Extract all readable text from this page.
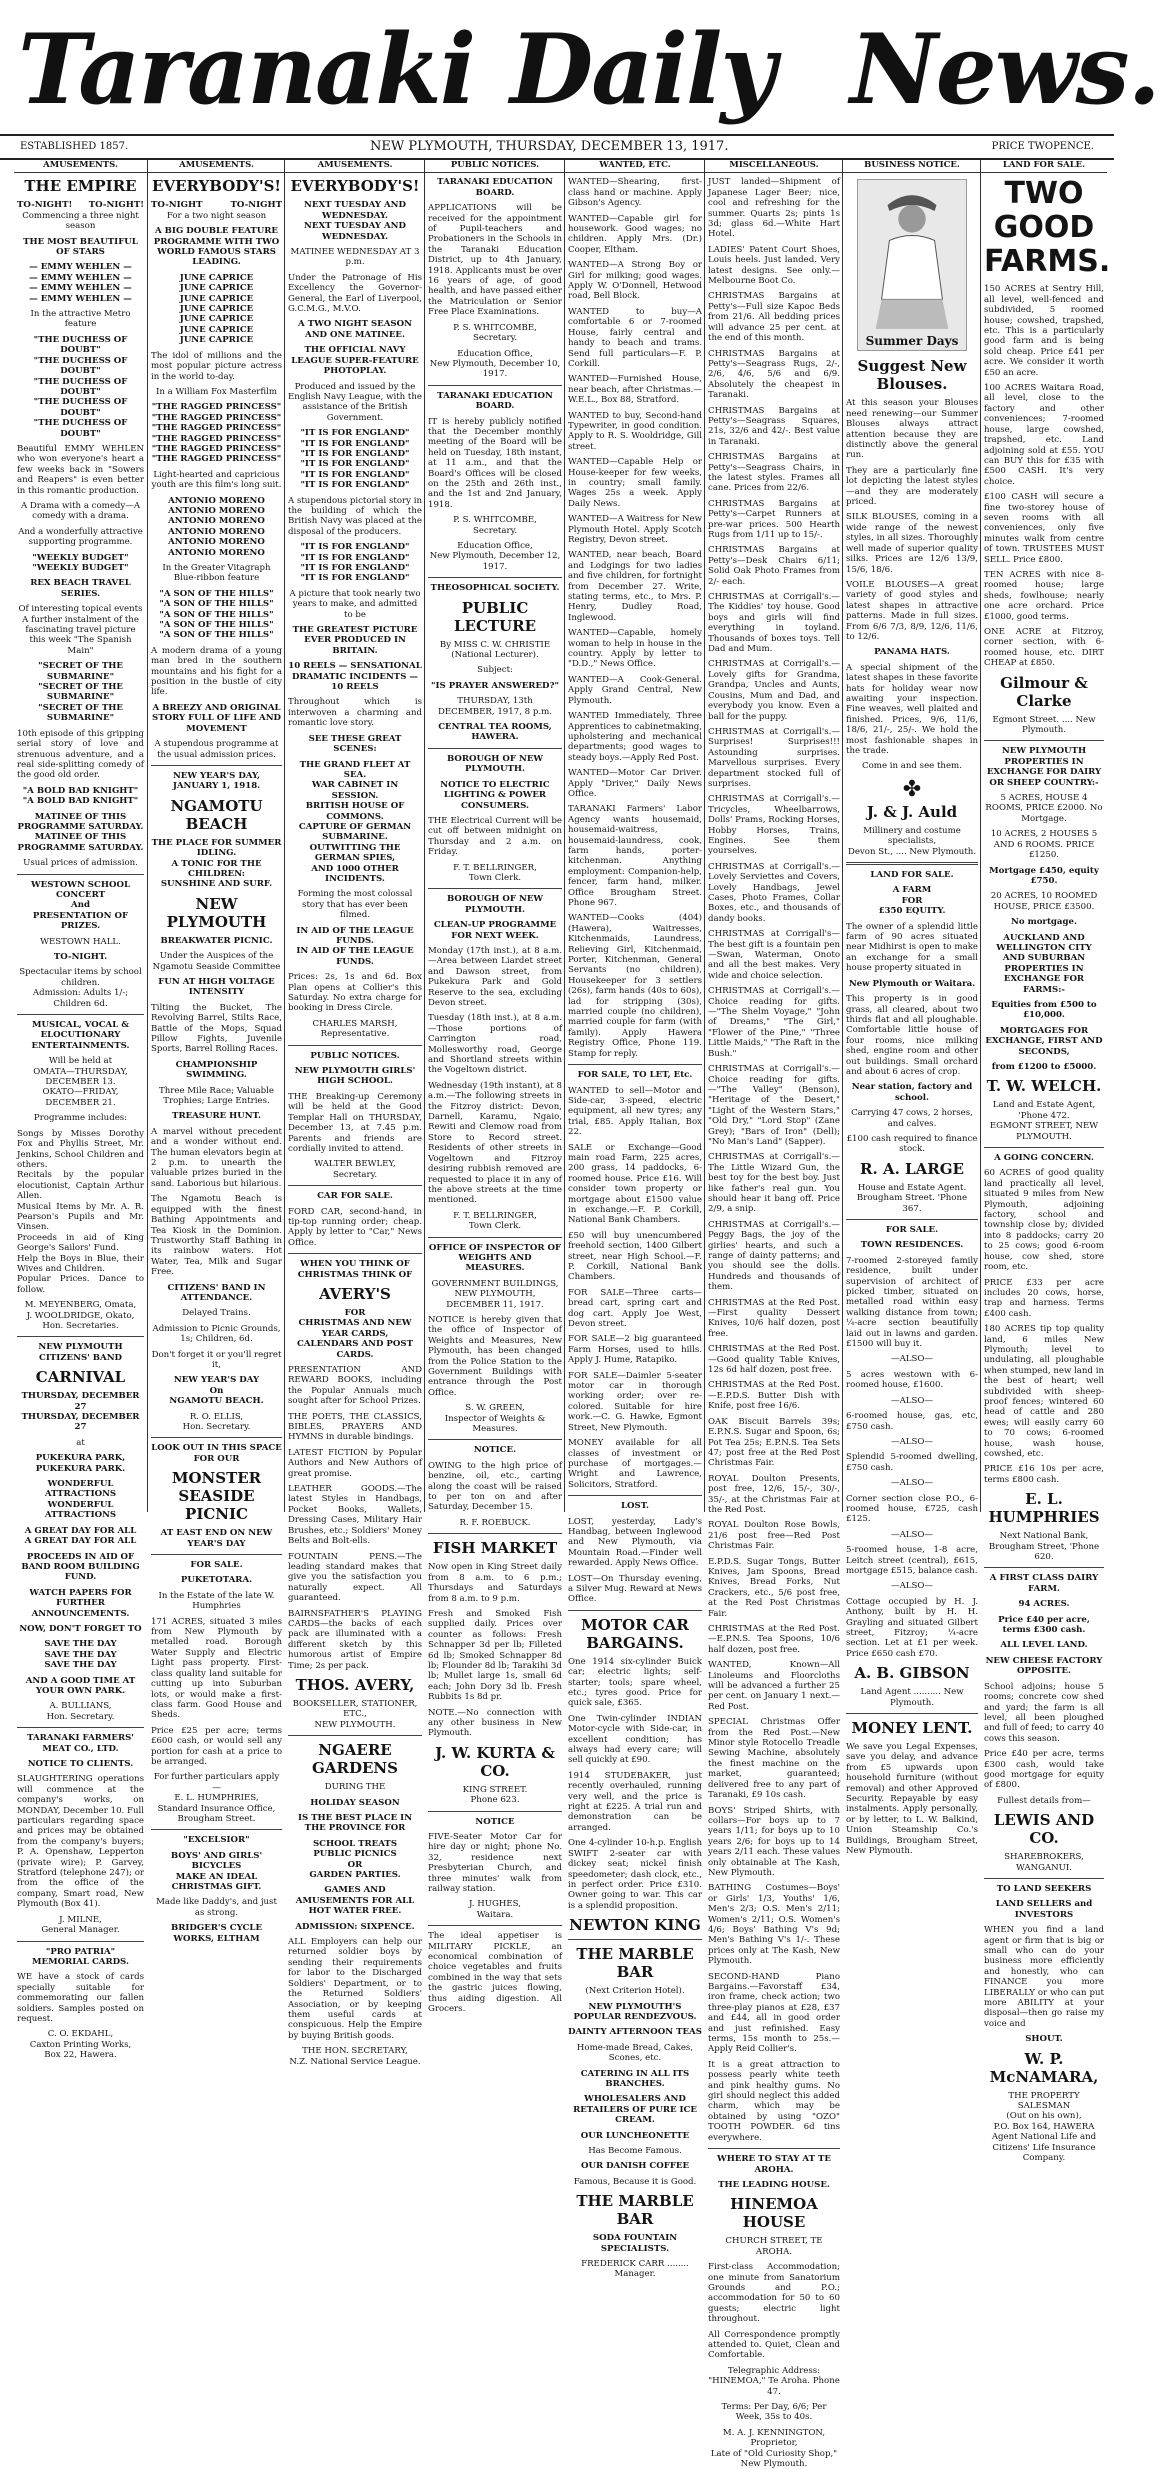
Taranaki Daily News.
ESTABLISHED 1857.	NEW PLYMOUTH, THURSDAY, DECEMBER 13, 1917.	PRICE TWOPENCE.
AMUSEMENTS.
THE EMPIRE
TO-NIGHT! TO-NIGHT!
Commencing a three night season
THE MOST BEAUTIFUL OF STARS
— EMMY WEHLEN —
— EMMY WEHLEN —
— EMMY WEHLEN —
— EMMY WEHLEN —
In the attractive Metro feature
"THE DUCHESS OF DOUBT"
"THE DUCHESS OF DOUBT"
"THE DUCHESS OF DOUBT"
"THE DUCHESS OF DOUBT"
"THE DUCHESS OF DOUBT"
Beautiful EMMY WEHLEN who won everyone's heart a few weeks back in "Sowers and Reapers" is even better in this romantic production.
A Drama with a comedy—A comedy with a drama.
And a wonderfully attractive supporting programme.
"WEEKLY BUDGET"
"WEEKLY BUDGET"
REX BEACH TRAVEL SERIES.
Of interesting topical events
A further instalment of the fascinating travel picture this week "The Spanish Main"
"SECRET OF THE SUBMARINE"
"SECRET OF THE SUBMARINE"
"SECRET OF THE SUBMARINE"
10th episode of this gripping serial story of love and strenuous adventure, and a real side-splitting comedy of the good old order.
"A BOLD BAD KNIGHT"
"A BOLD BAD KNIGHT"
MATINEE OF THIS PROGRAMME SATURDAY.
MATINEE OF THIS PROGRAMME SATURDAY.
Usual prices of admission.
WESTOWN SCHOOL CONCERT
And
PRESENTATION OF PRIZES.
WESTOWN HALL.
TO-NIGHT.
Spectacular items by school children.
Admission: Adults 1/-; Children 6d.
MUSICAL, VOCAL & ELOCUTIONARY ENTERTAINMENTS.
Will be held at
OMATA—THURSDAY, DECEMBER 13.
OKATO—FRIDAY, DECEMBER 21.
Programme includes:
Songs by Misses Dorothy Fox and Phyllis Street, Mr. Jenkins, School Children and others.
Recitals by the popular elocutionist, Captain Arthur Allen.
Musical Items by Mr. A. R. Pearson's Pupils and Mr. Vinsen.
Proceeds in aid of King George's Sailors' Fund.
Help the Boys in Blue, their Wives and Children.
Popular Prices. Dance to follow.
M. MEYENBERG, Omata,
J. WOOLDRIDGE, Okato,
Hon. Secretaries.
NEW PLYMOUTH CITIZENS' BAND
CARNIVAL
THURSDAY, DECEMBER 27
THURSDAY, DECEMBER 27
at
PUKEKURA PARK,
PUKEKURA PARK.
WONDERFUL ATTRACTIONS
WONDERFUL ATTRACTIONS
A GREAT DAY FOR ALL
A GREAT DAY FOR ALL
PROCEEDS IN AID OF BAND ROOM BUILDING FUND.
WATCH PAPERS FOR FURTHER ANNOUNCEMENTS.
NOW, DON'T FORGET TO
SAVE THE DAY
SAVE THE DAY
SAVE THE DAY
AND A GOOD TIME AT YOUR OWN PARK.
A. BULLIANS,
Hon. Secretary.
TARANAKI FARMERS' MEAT CO., LTD.
NOTICE TO CLIENTS.
SLAUGHTERING operations will commence at the company's works, on MONDAY, December 10. Full particulars regarding space and prices may be obtained from the company's buyers; P. A. Openshaw, Lepperton (private wire); P. Garvey, Stratford (telephone 247); or from the office of the company, Smart road, New Plymouth (Box 41).
J. MILNE,
General Manager.
"PRO PATRIA" MEMORIAL CARDS.
WE have a stock of cards specially suitable for commemorating our fallen soldiers. Samples posted on request.
C. O. EKDAHL,
Caxton Printing Works,
Box 22, Hawera.
AMUSEMENTS.
EVERYBODY'S!
TO-NIGHT	TO-NIGHT
For a two night season
A BIG DOUBLE FEATURE PROGRAMME WITH TWO WORLD FAMOUS STARS LEADING.
JUNE CAPRICE
JUNE CAPRICE
JUNE CAPRICE
JUNE CAPRICE
JUNE CAPRICE
JUNE CAPRICE
JUNE CAPRICE
The idol of millions and the most popular picture actress in the world to-day.
In a William Fox Masterfilm
"THE RAGGED PRINCESS"
"THE RAGGED PRINCESS"
"THE RAGGED PRINCESS"
"THE RAGGED PRINCESS"
"THE RAGGED PRINCESS"
"THE RAGGED PRINCESS"
Light-hearted and capricious youth are this film's long suit.
ANTONIO MORENO
ANTONIO MORENO
ANTONIO MORENO
ANTONIO MORENO
ANTONIO MORENO
ANTONIO MORENO
In the Greater Vitagraph Blue-ribbon feature
"A SON OF THE HILLS"
"A SON OF THE HILLS"
"A SON OF THE HILLS"
"A SON OF THE HILLS"
"A SON OF THE HILLS"
A modern drama of a young man bred in the southern mountains and his fight for a position in the bustle of city life.
A BREEZY AND ORIGINAL STORY FULL OF LIFE AND MOVEMENT
A stupendous programme at the usual admission prices.
NEW YEAR'S DAY, JANUARY 1, 1918.
NGAMOTU BEACH
THE PLACE FOR SUMMER IDLING.
A TONIC FOR THE CHILDREN:
SUNSHINE AND SURF.
NEW PLYMOUTH
BREAKWATER PICNIC.
Under the Auspices of the Ngamotu Seaside Committee
FUN AT HIGH VOLTAGE INTENSITY
Tilting the Bucket, The Revolving Barrel, Stilts Race, Battle of the Mops, Squad Pillow Fights, Juvenile Sports, Barrel Rolling Races.
CHAMPIONSHIP SWIMMING.
Three Mile Race; Valuable Trophies; Large Entries.
TREASURE HUNT.
A marvel without precedent and a wonder without end. The human elevators begin at 2 p.m. to unearth the valuable prizes buried in the sand. Laborious but hilarious.
The Ngamotu Beach is equipped with the finest Bathing Appointments and Tea Kiosk in the Dominion. Trustworthy Staff Bathing in its rainbow waters. Hot Water, Tea, Milk and Sugar Free.
CITIZENS' BAND IN ATTENDANCE.
Delayed Trains.
Admission to Picnic Grounds, 1s; Children, 6d.
Don't forget it or you'll regret it,
NEW YEAR'S DAY
On
NGAMOTU BEACH.
R. O. ELLIS,
Hon. Secretary.
LOOK OUT IN THIS SPACE FOR OUR
MONSTER SEASIDE PICNIC
AT EAST END ON NEW YEAR'S DAY
FOR SALE.
PUKETOTARA.
In the Estate of the late W. Humphries
171 ACRES, situated 3 miles from New Plymouth by metalled road. Borough Water Supply and Electric Light pass property. First-class quality land suitable for cutting up into Suburban lots, or would make a first-class farm. Good House and Sheds.
Price £25 per acre; terms £600 cash, or would sell any portion for cash at a price to be arranged.
For further particulars apply—
E. L. HUMPHRIES,
Standard Insurance Office,
Brougham Street.
"EXCELSIOR"
BOYS' AND GIRLS' BICYCLES
MAKE AN IDEAL CHRISTMAS GIFT.
Made like Daddy's, and just as strong.
BRIDGER'S CYCLE WORKS, ELTHAM
AMUSEMENTS.
EVERYBODY'S!
NEXT TUESDAY AND WEDNESDAY.
NEXT TUESDAY AND WEDNESDAY.
MATINEE WEDNESDAY AT 3 p.m.
Under the Patronage of His Excellency the Governor-General, the Earl of Liverpool, G.C.M.G., M.V.O.
A TWO NIGHT SEASON AND ONE MATINEE.
THE OFFICIAL NAVY LEAGUE SUPER-FEATURE PHOTOPLAY.
Produced and issued by the English Navy League, with the assistance of the British Government.
"IT IS FOR ENGLAND"
"IT IS FOR ENGLAND"
"IT IS FOR ENGLAND"
"IT IS FOR ENGLAND"
"IT IS FOR ENGLAND"
"IT IS FOR ENGLAND"
A stupendous pictorial story in the building of which the British Navy was placed at the disposal of the producers.
"IT IS FOR ENGLAND"
"IT IS FOR ENGLAND"
"IT IS FOR ENGLAND"
"IT IS FOR ENGLAND"
A picture that took nearly two years to make, and admitted to be
THE GREATEST PICTURE EVER PRODUCED IN BRITAIN.
10 REELS — SENSATIONAL DRAMATIC INCIDENTS — 10 REELS
Throughout which is interwoven a charming and romantic love story.
SEE THESE GREAT SCENES:
THE GRAND FLEET AT SEA.
WAR CABINET IN SESSION.
BRITISH HOUSE OF COMMONS.
CAPTURE OF GERMAN SUBMARINE.
OUTWITTING THE GERMAN SPIES,
AND 1000 OTHER INCIDENTS.
Forming the most colossal story that has ever been filmed.
IN AID OF THE LEAGUE FUNDS.
IN AID OF THE LEAGUE FUNDS.
Prices: 2s, 1s and 6d. Box Plan opens at Collier's this Saturday. No extra charge for booking in Dress Circle.
CHARLES MARSH, Representative.
PUBLIC NOTICES.
NEW PLYMOUTH GIRLS' HIGH SCHOOL.
THE Breaking-up Ceremony will be held at the Good Templar Hall on THURSDAY, December 13, at 7.45 p.m. Parents and friends are cordially invited to attend.
WALTER BEWLEY,
Secretary.
CAR FOR SALE.
FORD CAR, second-hand, in tip-top running order; cheap. Apply by letter to "Car," News Office.
WHEN YOU THINK OF CHRISTMAS THINK OF
AVERY'S
FOR
CHRISTMAS AND NEW YEAR CARDS,
CALENDARS AND POST CARDS.
PRESENTATION AND REWARD BOOKS, including the Popular Annuals much sought after for School Prizes.
THE POETS, THE CLASSICS, BIBLES, PRAYERS AND HYMNS in durable bindings.
LATEST FICTION by Popular Authors and New Authors of great promise.
LEATHER GOODS.—The latest Styles in Handbags, Pocket Books, Wallets, Dressing Cases, Military Hair Brushes, etc.; Soldiers' Money Belts and Bolt-ells.
FOUNTAIN PENS.—The leading standard makes that give you the satisfaction you naturally expect. All guaranteed.
BAIRNSFATHER'S PLAYING CARDS—the backs of each pack are illuminated with a different sketch by this humorous artist of Empire Time; 2s per pack.
THOS. AVERY,
BOOKSELLER, STATIONER, ETC.,
NEW PLYMOUTH.
NGAERE GARDENS
DURING THE
HOLIDAY SEASON
IS THE BEST PLACE IN THE PROVINCE FOR
SCHOOL TREATS
PUBLIC PICNICS
OR
GARDEN PARTIES.
GAMES AND AMUSEMENTS FOR ALL HOT WATER FREE.
ADMISSION: SIXPENCE.
ALL Employers can help our returned soldier boys by sending their requirements for labor to the Discharged Soldiers' Department, or to the Returned Soldiers' Association, or by keeping them useful cards at conspicuous. Help the Empire by buying British goods.
THE HON. SECRETARY,
N.Z. National Service League.
PUBLIC NOTICES.
TARANAKI EDUCATION BOARD.
APPLICATIONS will be received for the appointment of Pupil-teachers and Probationers in the Schools in the Taranaki Education District, up to 4th January, 1918. Applicants must be over 16 years of age, of good health, and have passed either the Matriculation or Senior Free Place Examinations.
P. S. WHITCOMBE,
Secretary.
Education Office,
New Plymouth, December 10, 1917.
TARANAKI EDUCATION BOARD.
IT is hereby publicly notified that the December monthly meeting of the Board will be held on Tuesday, 18th instant, at 11 a.m., and that the Board's Offices will be closed on the 25th and 26th inst., and the 1st and 2nd January, 1918.
P. S. WHITCOMBE,
Secretary.
Education Office,
New Plymouth, December 12, 1917.
THEOSOPHICAL SOCIETY.
PUBLIC LECTURE
By MISS C. W. CHRISTIE (National Lecturer).
Subject:
"IS PRAYER ANSWERED?"
THURSDAY, 13th DECEMBER, 1917, 8 p.m.
CENTRAL TEA ROOMS, HAWERA.
BOROUGH OF NEW PLYMOUTH.
NOTICE TO ELECTRIC LIGHTING & POWER CONSUMERS.
THE Electrical Current will be cut off between midnight on Thursday and 2 a.m. on Friday.
F. T. BELLRINGER,
Town Clerk.
BOROUGH OF NEW PLYMOUTH.
CLEAN-UP PROGRAMME FOR NEXT WEEK.
Monday (17th inst.), at 8 a.m.—Area between Liardet street and Dawson street, from Pukekura Park and Gold Reserve to the sea, excluding Devon street.
Tuesday (18th inst.), at 8 a.m.—Those portions of Carrington road, Mollesworthy road, George and Shortland streets within the Vogeltown district.
Wednesday (19th instant), at 8 a.m.—The following streets in the Fitzroy district: Devon, Darnell, Karamu, Ngaio, Rewiti and Clemow road from Store to Record street. Residents of other streets in Vogeltown and Fitzroy desiring rubbish removed are requested to place it in any of the above streets at the time mentioned.
F. T. BELLRINGER,
Town Clerk.
OFFICE OF INSPECTOR OF WEIGHTS AND MEASURES.
GOVERNMENT BUILDINGS, NEW PLYMOUTH,
DECEMBER 11, 1917.
NOTICE is hereby given that the office of Inspector of Weights and Measures, New Plymouth, has been changed from the Police Station to the Government Buildings with entrance through the Post Office.
S. W. GREEN,
Inspector of Weights & Measures.
NOTICE.
OWING to the high price of benzine, oil, etc., carting along the coast will be raised to per ton on and after Saturday, December 15.
R. F. ROEBUCK.
FISH MARKET
Now open in King Street daily from 8 a.m. to 6 p.m.; Thursdays and Saturdays from 8 a.m. to 9 p.m.
Fresh and Smoked Fish supplied daily. Prices over counter as follows: Fresh Schnapper 3d per lb; Filleted 6d lb; Smoked Schnapper 8d lb; Flounder 8d lb; Tarakihi 3d lb; Mullet large 1s, small 6d each; John Dory 3d lb. Fresh Rubbits 1s 8d pr.
NOTE.—No connection with any other business in New Plymouth.
J. W. KURTA & CO.
KING STREET.
Phone 623.
NOTICE
FIVE-Seater Motor Car for hire day or night; phone No. 32, residence next Presbyterian Church, and three minutes' walk from railway station.
J. HUGHES,
Waitara.
The ideal appetiser is MILITARY PICKLE, an economical combination of choice vegetables and fruits combined in the way that sets the gastric juices flowing, thus aiding digestion. All Grocers.
WANTED, ETC.
WANTED—Shearing, first-class hand or machine. Apply Gibson's Agency.
WANTED—Capable girl for housework. Good wages; no children. Apply Mrs. (Dr.) Cooper, Eltham.
WANTED—A Strong Boy or Girl for milking; good wages. Apply W. O'Donnell, Hetwood road, Bell Block.
WANTED to buy—A comfortable 6 or 7-roomed House, fairly central and handy to beach and trams. Send full particulars—F. P. Corkill.
WANTED—Furnished House, near beach, after Christmas.—W.E.L., Box 88, Stratford.
WANTED to buy, Second-hand Typewriter, in good condition. Apply to R. S. Wooldridge, Gill street.
WANTED—Capable Help or House-keeper for few weeks, in country; small family. Wages 25s a week. Apply Daily News.
WANTED—A Waitress for New Plymouth Hotel. Apply Scotch Registry, Devon street.
WANTED, near beach, Board and Lodgings for two ladies and five children, for fortnight from December 27. Write, stating terms, etc., to Mrs. P. Henry, Dudley Road, Inglewood.
WANTED—Capable, homely woman to help in house in the country. Apply by letter to "D.D.," News Office.
WANTED—A Cook-General. Apply Grand Central, New Plymouth.
WANTED Immediately, Three Apprentices to cabinetmaking, upholstering and mechanical departments; good wages to steady boys.—Apply Red Post.
WANTED—Motor Car Driver. Apply "Driver," Daily News Office.
TARANAKI Farmers' Labor Agency wants housemaid, housemaid-waitress, housemaid-laundress, cook, farm hands, porter-kitchenman. Anything employment: Companion-help, fencer, farm hand, milker. Office Brougham Street. Phone 967.
WANTED—Cooks (404) (Hawera), Waitresses, Kitchenmaids, Laundress, Relieving Girl, Kitchenmaid, Porter, Kitchenman, General Servants (no children), Housekeeper for 3 settlers (26s), farm hands (40s to 60s), lad for stripping (30s), married couple (no children), married couple for farm (with family). Apply Hawera Registry Office, Phone 119. Stamp for reply.
FOR SALE, TO LET, Etc.
WANTED to sell—Motor and Side-car, 3-speed, electric equipment, all new tyres; any trial, £85. Apply Italian, Box 22.
SALE or Exchange—Good main road Farm, 225 acres, 200 grass, 14 paddocks, 6-roomed house. Price £16. Will consider town property or mortgage about £1500 value in exchange.—F. P. Corkill, National Bank Chambers.
£50 will buy unencumbered freehold section, 1400 Gilbert street, near High School.—F. P. Corkill, National Bank Chambers.
FOR SALE—Three carts—bread cart, spring cart and dog cart. Apply Joe West, Devon street.
FOR SALE—2 big guaranteed Farm Horses, used to hills. Apply J. Hume, Ratapiko.
FOR SALE—Daimler 5-seater motor car in thorough working order; over re-colored. Suitable for hire work.—C. G. Hawke, Egmont Street, New Plymouth.
MONEY available for all classes of investment or purchase of mortgages.—Wright and Lawrence, Solicitors, Stratford.
LOST.
LOST, yesterday, Lady's Handbag, between Inglewood and New Plymouth, via Mountain Road.—Finder well rewarded. Apply News Office.
LOST—On Thursday evening, a Silver Mug. Reward at News Office.
MOTOR CAR BARGAINS.
One 1914 six-cylinder Buick car; electric lights; self-starter; tools; spare wheel, etc.; tyres good. Price for quick sale, £365.
One Twin-cylinder INDIAN Motor-cycle with Side-car, in excellent condition; has always had every care; will sell quickly at £90.
1914 STUDEBAKER, just recently overhauled, running very well, and the price is right at £225. A trial run and demonstration can be arranged.
One 4-cylinder 10-h.p. English SWIFT 2-seater car with dickey seat; nickel finish speedometer; dash clock, etc., in perfect order. Price £310. Owner going to war. This car is a splendid proposition.
NEWTON KING
THE MARBLE BAR
(Next Criterion Hotel).
NEW PLYMOUTH'S POPULAR RENDEZVOUS.
DAINTY AFTERNOON TEAS
Home-made Bread, Cakes, Scones, etc.
CATERING IN ALL ITS BRANCHES.
WHOLESALERS AND RETAILERS OF PURE ICE CREAM.
OUR LUNCHEONETTE
Has Become Famous.
OUR DANISH COFFEE
Famous, Because it is Good.
THE MARBLE BAR
SODA FOUNTAIN SPECIALISTS.
FREDERICK CARR ........ Manager.
MISCELLANEOUS.
JUST landed—Shipment of Japanese Lager Beer; nice, cool and refreshing for the summer. Quarts 2s; pints 1s 3d; glass 6d.—White Hart Hotel.
LADIES' Patent Court Shoes, Louis heels. Just landed. Very latest designs. See only.—Melbourne Boot Co.
CHRISTMAS Bargains at Petty's—Full size Kapoc Beds from 21/6. All bedding prices will advance 25 per cent. at the end of this month.
CHRISTMAS Bargains at Petty's—Seagrass Rugs, 2/-, 2/6, 4/6, 5/6 and 6/9. Absolutely the cheapest in Taranaki.
CHRISTMAS Bargains at Petty's—Seagrass Squares, 21s, 32/6 and 42/-. Best value in Taranaki.
CHRISTMAS Bargains at Petty's—Seagrass Chairs, in the latest styles. Frames all cane. Prices from 22/6.
CHRISTMAS Bargains at Petty's—Carpet Runners at pre-war prices. 500 Hearth Rugs from 1/11 up to 15/-.
CHRISTMAS Bargains at Petty's—Desk Chairs 6/11; Solid Oak Photo Frames from 2/- each.
CHRISTMAS at Corrigall's.—The Kiddies' toy house. Good boys and girls will find everything in toyland. Thousands of boxes toys. Tell Dad and Mum.
CHRISTMAS at Corrigall's.—Lovely gifts for Grandma, Grandpa, Uncles and Aunts, Cousins, Mum and Dad, and everybody you know. Even a ball for the puppy.
CHRISTMAS at Corrigall's.—Surprises! Surprises!!! Astounding surprises. Marvellous surprises. Every department stocked full of surprises.
CHRISTMAS at Corrigall's.—Tricycles, Wheelbarrows, Dolls' Prams, Rocking Horses, Hobby Horses, Trains, Engines. See them yourselves.
CHRISTMAS at Corrigall's.—Lovely Serviettes and Covers, Lovely Handbags, Jewel Cases, Photo Frames, Collar Boxes, etc., and thousands of dandy books.
CHRISTMAS at Corrigall's—The best gift is a fountain pen—Swan, Waterman, Onoto and all the best makes. Very wide and choice selection.
CHRISTMAS at Corrigall's.—Choice reading for gifts.—"The Shelm Voyage," "John of Dreams," "The Girl," "Flower of the Pine," "Three Little Maids," "The Raft in the Bush."
CHRISTMAS at Corrigall's.—Choice reading for gifts.—"The Valley" (Benson), "Heritage of the Desert," "Light of the Western Stars," "Old Dry," "Lord Stop" (Zane Grey); "Bars of Iron" (Dell); "No Man's Land" (Sapper).
CHRISTMAS at Corrigall's.—The Little Wizard Gun, the best toy for the best boy. Just like father's real gun. You should hear it bang off. Price 2/9, a snip.
CHRISTMAS at Corrigall's.—Peggy Bags, the joy of the girlies' hearts, and such a range of dainty patterns; and you should see the dolls. Hundreds and thousands of them.
CHRISTMAS at the Red Post.—First quality Dessert Knives, 10/6 half dozen, post free.
CHRISTMAS at the Red Post.—Good quality Table Knives, 12s 6d half dozen, post free.
CHRISTMAS at the Red Post.—E.P.D.S. Butter Dish with Knife, post free 16/6.
OAK Biscuit Barrels 39s; E.P.N.S. Sugar and Spoon, 6s; Pot Tea 25s; E.P.N.S. Tea Sets 47; post free at the Red Post Christmas Fair.
ROYAL Doulton Presents, post free, 12/6, 15/-, 30/-, 35/-, at the Christmas Fair at the Red Post.
ROYAL Doulton Rose Bowls, 21/6 post free—Red Post Christmas Fair.
E.P.D.S. Sugar Tongs, Butter Knives, Jam Spoons, Bread Knives, Bread Forks, Nut Crackers, etc., 5/6 post free, at the Red Post Christmas Fair.
CHRISTMAS at the Red Post.—E.P.N.S. Tea Spoons, 10/6 half dozen, post free.
WANTED, Known—All Linoleums and Floorcloths will be advanced a further 25 per cent. on January 1 next.—Red Post.
SPECIAL Christmas Offer from the Red Post.—New Minor style Rotocello Treadle Sewing Machine, absolutely the finest machine on the market, guaranteed; delivered free to any part of Taranaki, £9 10s cash.
BOYS' Striped Shirts, with collars—For boys up to 7 years 1/11; for boys up to 10 years 2/6; for boys up to 14 years 2/11 each. These values only obtainable at The Kash, New Plymouth.
BATHING Costumes—Boys' or Girls' 1/3, Youths' 1/6, Men's 2/3; O.S. Men's 2/11; Women's 2/11; O.S. Women's 4/6; Boys' Bathing V's 9d; Men's Bathing V's 1/-. These prices only at The Kash, New Plymouth.
SECOND-HAND Piano Bargains.—Favorstaff £34, iron frame, check action; two three-play pianos at £28, £37 and £44, all in good order and just refinished. Easy terms, 15s month to 25s.—Apply Reid Collier's.
It is a great attraction to possess pearly white teeth and pink healthy gums. No girl should neglect this added charm, which may be obtained by using "OZO" TOOTH POWDER. 6d tins everywhere.
WHERE TO STAY AT TE AROHA.
THE LEADING HOUSE.
HINEMOA HOUSE
CHURCH STREET, TE AROHA.
First-class Accommodation; one minute from Sanatorium Grounds and P.O.; accommodation for 50 to 60 guests; electric light throughout.
All Correspondence promptly attended to. Quiet, Clean and Comfortable.
Telegraphic Address: "HINEMOA," Te Aroha. Phone 47.
Terms: Per Day, 6/6; Per Week, 35s to 40s.
M. A. J. KENNINGTON, Proprietor,
Late of "Old Curiosity Shop," New Plymouth.
BUSINESS NOTICE.
Summer Days
Suggest New Blouses.
At this season your Blouses need renewing—our Summer Blouses always attract attention because they are distinctly above the general run.
They are a particularly fine lot depicting the latest styles—and they are moderately priced.
SILK BLOUSES, coming in a wide range of the newest styles, in all sizes. Thoroughly well made of superior quality silks. Prices are 12/6 13/9, 15/6, 18/6.
VOILE BLOUSES—A great variety of good styles and latest shapes in attractive patterns. Made in full sizes. From 6/6 7/3, 8/9, 12/6, 11/6, to 12/6.
PANAMA HATS.
A special shipment of the latest shapes in these favorite hats for holiday wear now awaiting your inspection. Fine weaves, well plaited and finished. Prices, 9/6, 11/6, 18/6, 21/-, 25/-. We hold the most fashionable shapes in the trade.
Come in and see them.
✤
J. & J. Auld
Millinery and costume specialists,
Devon St., .... New Plymouth.
LAND FOR SALE.
A FARM
FOR
£350 EQUITY.
The owner of a splendid little farm of 90 acres situated near Midhirst is open to make an exchange for a small house property situated in
New Plymouth or Waitara.
This property is in good grass, all cleared, about two thirds flat and all ploughable. Comfortable little house of four rooms, nice milking shed, engine room and other out buildings. Small orchard and about 6 acres of crop.
Near station, factory and school.
Carrying 47 cows, 2 horses, and calves.
£100 cash required to finance stock.
R. A. LARGE
House and Estate Agent.
Brougham Street. 'Phone 367.
FOR SALE.
TOWN RESIDENCES.
7-roomed 2-storeyed family residence, built under supervision of architect of picked timber, situated on metalled road within easy walking distance from town; ¼-acre section beautifully laid out in lawns and garden. £1500 will buy it.
—ALSO—
5 acres westown with 6-roomed house, £1600.
—ALSO—
6-roomed house, gas, etc, £750 cash.
—ALSO—
Splendid 5-roomed dwelling, £750 cash.
—ALSO—
Corner section close P.O., 6-roomed house, £725, cash £125.
—ALSO—
5-roomed house, 1-8 acre, Leitch street (central), £615, mortgage £515, balance cash.
—ALSO—
Cottage occupied by H. J. Anthony, built by H. H. Grayling and situated Gilbert street, Fitzroy; ¼-acre section. Let at £1 per week. Price £650 cash £70.
A. B. GIBSON
Land Agent .......... New Plymouth.
MONEY LENT.
We save you Legal Expenses, save you delay, and advance from £5 upwards upon household furniture (without removal) and other Approved Security. Repayable by easy instalments. Apply personally, or by letter, to L. W. Balkind, Union Steamship Co.'s Buildings, Brougham Street, New Plymouth.
LAND FOR SALE.
TWO GOOD
FARMS.
150 ACRES at Sentry Hill, all level, well-fenced and subdivided, 5 roomed house; cowshed, trapshed, etc. This is a particularly good farm and is being sold cheap. Price £41 per acre. We consider it worth £50 an acre.
100 ACRES Waitara Road, all level, close to the factory and other conveniences; 7-roomed house, large cowshed, trapshed, etc. Land adjoining sold at £55. YOU can BUY this for £35 with £500 CASH. It's very choice.
£100 CASH will secure a fine two-storey house of seven rooms with all conveniences, only five minutes walk from centre of town. TRUSTEES MUST SELL. Price £800.
TEN ACRES with nice 8-roomed house; large sheds, fowlhouse; nearly one acre orchard. Price £1000, good terms.
ONE ACRE at Fitzroy, corner section, with 6-roomed house, etc. DIRT CHEAP at £850.
Gilmour & Clarke
Egmont Street. .... New Plymouth.
NEW PLYMOUTH PROPERTIES IN EXCHANGE FOR DAIRY OR SHEEP COUNTRY:-
5 ACRES, HOUSE 4 ROOMS, PRICE £2000. No Mortgage.
10 ACRES, 2 HOUSES 5 AND 6 ROOMS. PRICE £1250.
Mortgage £450, equity £750.
20 ACRES, 10 ROOMED HOUSE, PRICE £3500.
No mortgage.
AUCKLAND AND WELLINGTON CITY AND SUBURBAN PROPERTIES IN EXCHANGE FOR FARMS:-
Equities from £500 to £10,000.
MORTGAGES FOR EXCHANGE, FIRST AND SECONDS,
from £1200 to £5000.
T. W. WELCH.
Land and Estate Agent, 'Phone 472.
EGMONT STREET, NEW PLYMOUTH.
A GOING CONCERN.
60 ACRES of good quality land practically all level, situated 9 miles from New Plymouth, adjoining factory, school and township close by; divided into 8 paddocks; carry 20 to 25 cows; good 6-room house, cow shed, store room, etc.
PRICE £33 per acre includes 20 cows, horse, trap and harness. Terms £400 cash.
180 ACRES tip top quality land, 6 miles New Plymouth; level to undulating, all ploughable when stumped, new land in the best of heart; well subdivided with sheep-proof fences; wintered 60 head of cattle and 280 ewes; will easily carry 60 to 70 cows; 6-roomed house, wash house, cowshed, etc.
PRICE £16 10s per acre, terms £800 cash.
E. L. HUMPHRIES
Next National Bank, Brougham Street, 'Phone 620.
A FIRST CLASS DAIRY FARM.
94 ACRES.
Price £40 per acre, terms £300 cash.
ALL LEVEL LAND.
NEW CHEESE FACTORY OPPOSITE.
School adjoins; house 5 rooms; concrete cow shed and yard; the farm is all level, all been ploughed and full of feed; to carry 40 cows this season.
Price £40 per acre, terms £300 cash, would take good mortgage for equity of £800.
Fullest details from—
LEWIS AND CO.
SHAREBROKERS, WANGANUI.
TO LAND SEEKERS
LAND SELLERS and INVESTORS
WHEN you find a land agent or firm that is big or small who can do your business more efficiently and honestly, who can FINANCE you more LIBERALLY or who can put more ABILITY at your disposal—then go raise my voice and
SHOUT.
W. P. McNAMARA,
THE PROPERTY SALESMAN
(Out on his own),
P.O. Box 164, HAWERA
Agent National Life and Citizens' Life Insurance Company.
